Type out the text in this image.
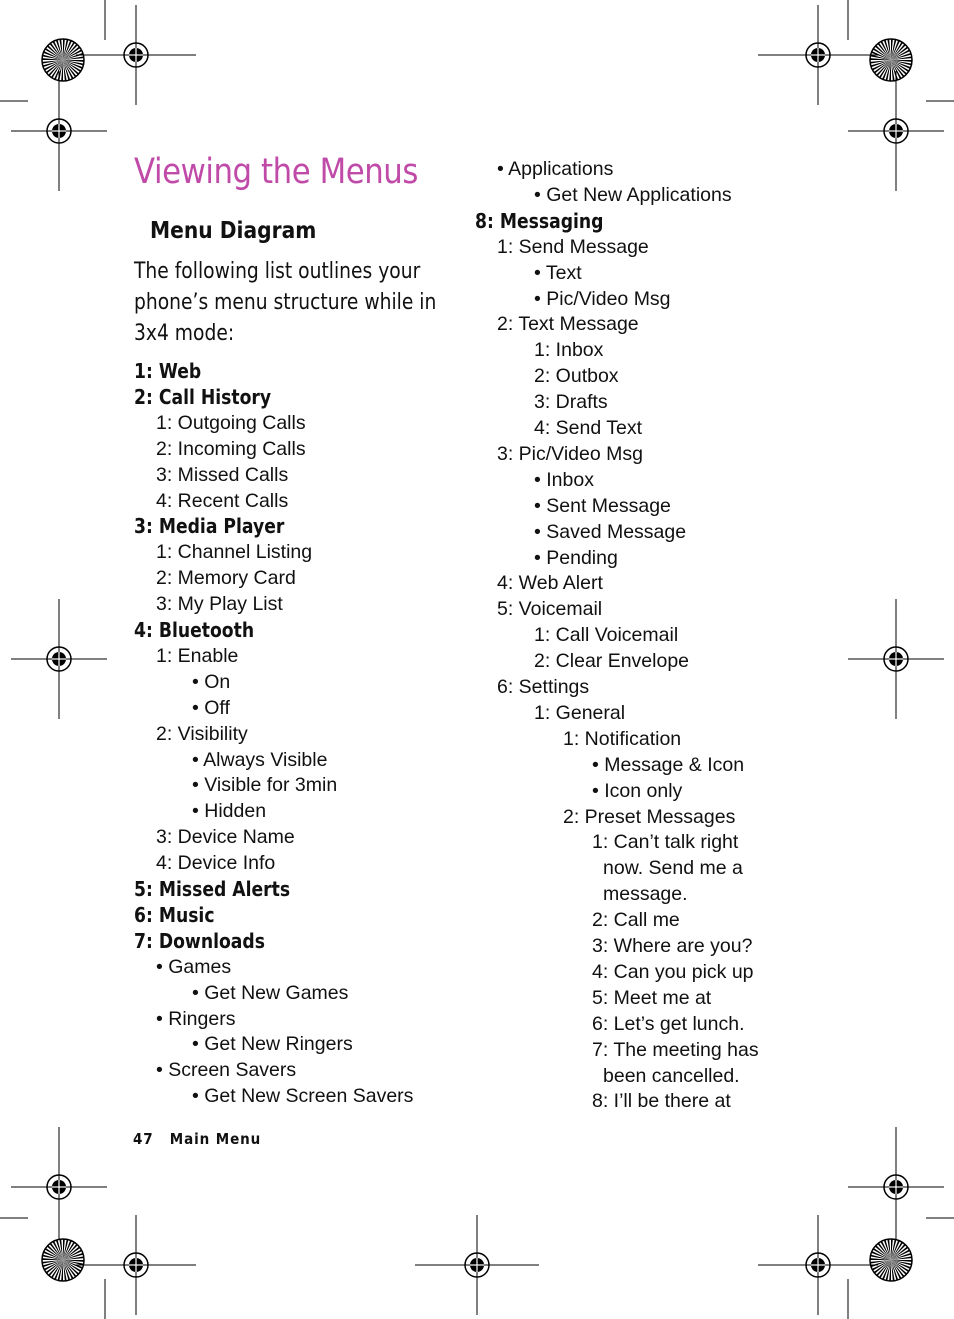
Viewing the Menus
Menu Diagram
The following list outlines your
phone’s menu structure while in
3x4 mode:
1: Web
2: Call History
1: Outgoing Calls
2: Incoming Calls
3: Missed Calls
4: Recent Calls
3: Media Player
1: Channel Listing
2: Memory Card
3: My Play List
4: Bluetooth
1: Enable
• On
• Off
2: Visibility
• Always Visible
• Visible for 3min
• Hidden
3: Device Name
4: Device Info
5: Missed Alerts
6: Music
7: Downloads
• Games
• Get New Games
• Ringers
• Get New Ringers
• Screen Savers
• Get New Screen Savers
• Applications
• Get New Applications
8: Messaging
1: Send Message
• Text
• Pic/Video Msg
2: Text Message
1: Inbox
2: Outbox
3: Drafts
4: Send Text
3: Pic/Video Msg
• Inbox
• Sent Message
• Saved Message
• Pending
4: Web Alert
5: Voicemail
1: Call Voicemail
2: Clear Envelope
6: Settings
1: General
1: Notification
• Message & Icon
• Icon only
2: Preset Messages
1: Can’t talk right
now. Send me a
message.
2: Call me
3: Where are you?
4: Can you pick up
5: Meet me at
6: Let’s get lunch.
7: The meeting has
been cancelled.
8: I’ll be there at
47 Main Menu
